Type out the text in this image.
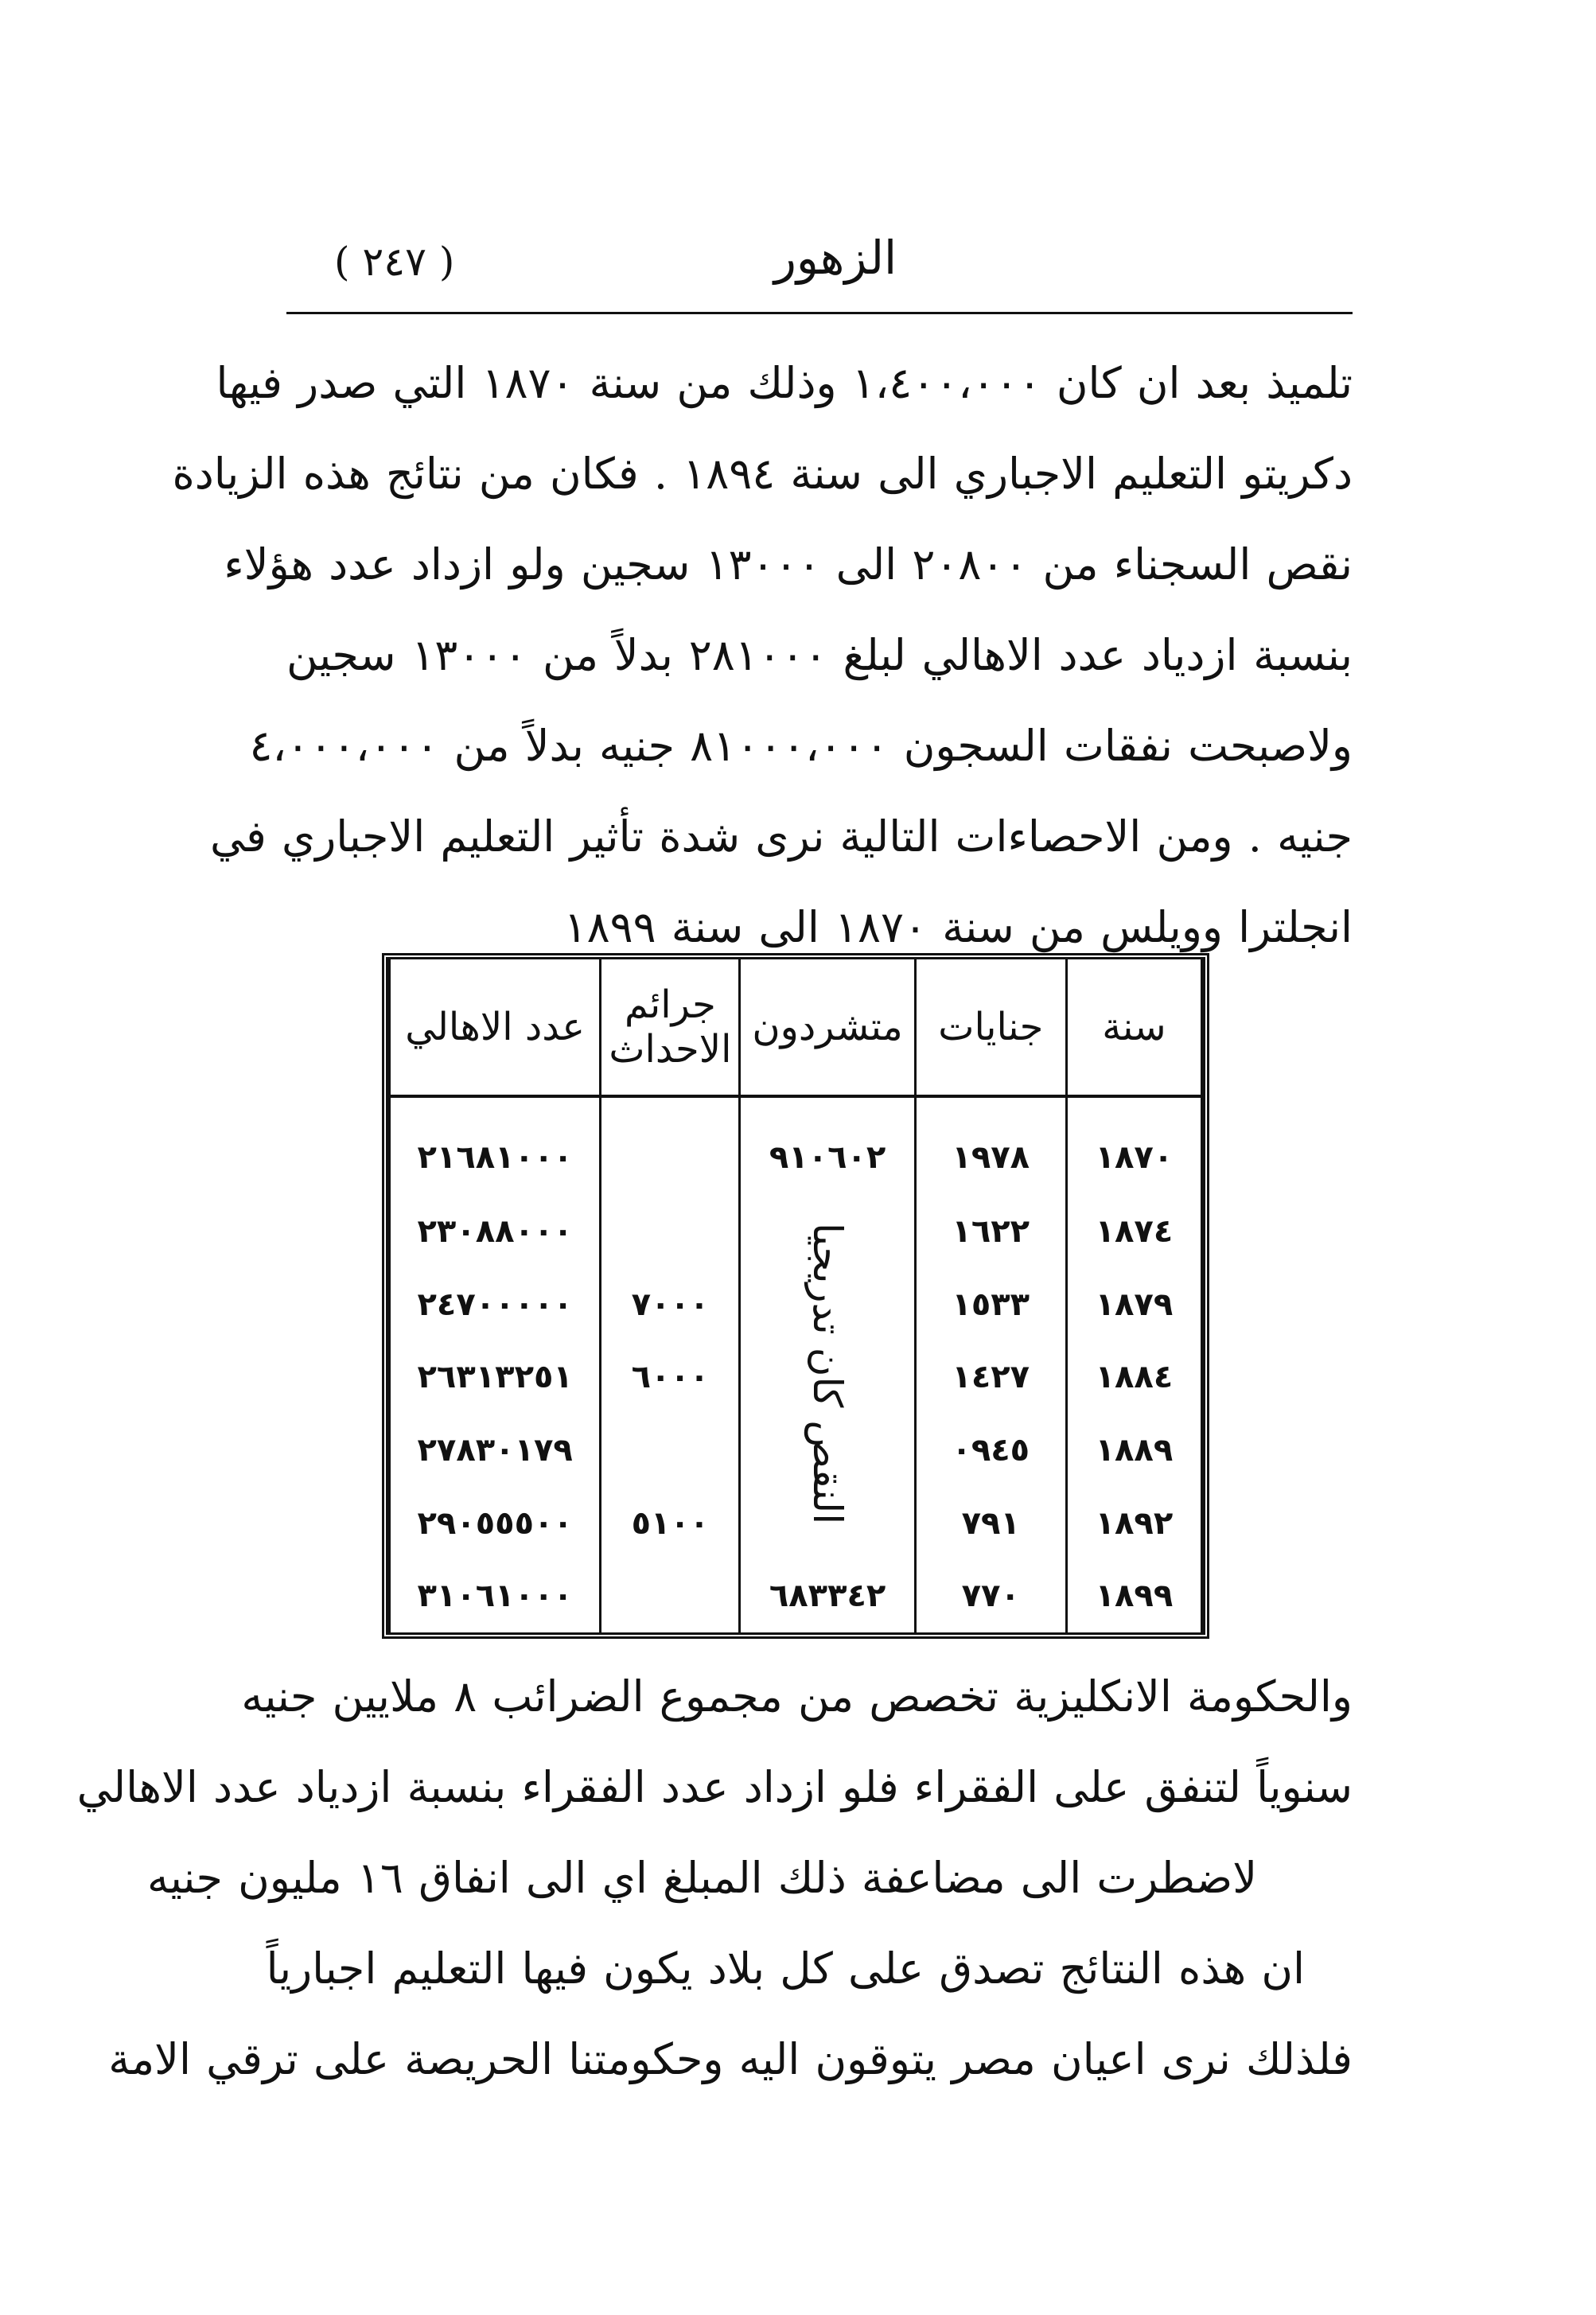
( ٢٤٧ )	الزهور
تلميذ بعد ان كان ١،٤٠٠،٠٠٠ وذلك من سنة ١٨٧٠ التي صدر فيها
دكريتو التعليم الاجباري الى سنة ١٨٩٤ . فكان من نتائج هذه الزيادة
نقص السجناء من ٢٠٨٠٠ الى ١٣٠٠٠ سجين ولو ازداد عدد هؤلاء
بنسبة ازدياد عدد الاهالي لبلغ ٢٨١٠٠٠ بدلاً من ١٣٠٠٠ سجين
ولاصبحت نفقات السجون ٨١٠٠٠،٠٠٠ جنيه بدلاً من ٤،٠٠٠،٠٠٠
جنيه . ومن الاحصاءات التالية نرى شدة تأثير التعليم الاجباري في
انجلترا وويلس من سنة ١٨٧٠ الى سنة ١٨٩٩
سنة	جنايات	متشردون	جرائم الاحداث	عدد الاهالي
١٨٧٠	١٩٧٨	٩١٠٦٠٢		٢١٦٨١٠٠٠
١٨٧٤	١٦٢٢	النقص كان تدريجيا		٢٣٠٨٨٠٠٠
١٨٧٩	١٥٣٣		٧٠٠٠	٢٤٧٠٠٠٠٠
١٨٨٤	١٤٢٧		٦٠٠٠	٢٦٣١٣٢٥١
١٨٨٩	٠٩٤٥			٢٧٨٣٠١٧٩
١٨٩٢	٧٩١		٥١٠٠	٢٩٠٥٥٥٠٠
١٨٩٩	٧٧٠	٦٨٣٣٤٢		٣١٠٦١٠٠٠
والحكومة الانكليزية تخصص من مجموع الضرائب ٨ ملايين جنيه
سنوياً لتنفق على الفقراء فلو ازداد عدد الفقراء بنسبة ازدياد عدد الاهالي
لاضطرت الى مضاعفة ذلك المبلغ اي الى انفاق ١٦ مليون جنيه
ان هذه النتائج تصدق على كل بلاد يكون فيها التعليم اجبارياً
فلذلك نرى اعيان مصر يتوقون اليه وحكومتنا الحريصة على ترقي الامة
